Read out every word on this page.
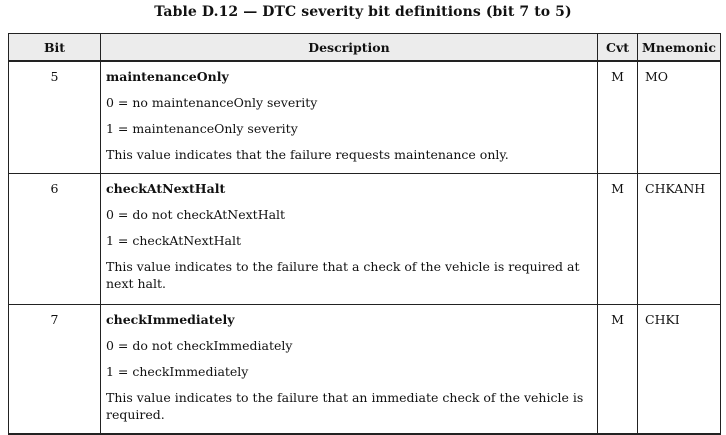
Table D.12 — DTC severity bit definitions (bit 7 to 5)
Bit	Description	Cvt	Mnemonic
5	maintenanceOnly
0 = no maintenanceOnly severity
1 = maintenanceOnly severity
This value indicates that the failure requests maintenance only.	M	MO
6	checkAtNextHalt
0 = do not checkAtNextHalt
1 = checkAtNextHalt
This value indicates to the failure that a check of the vehicle is required at next halt.	M	CHKANH
7	checkImmediately
0 = do not checkImmediately
1 = checkImmediately
This value indicates to the failure that an immediate check of the vehicle is required.	M	CHKI
